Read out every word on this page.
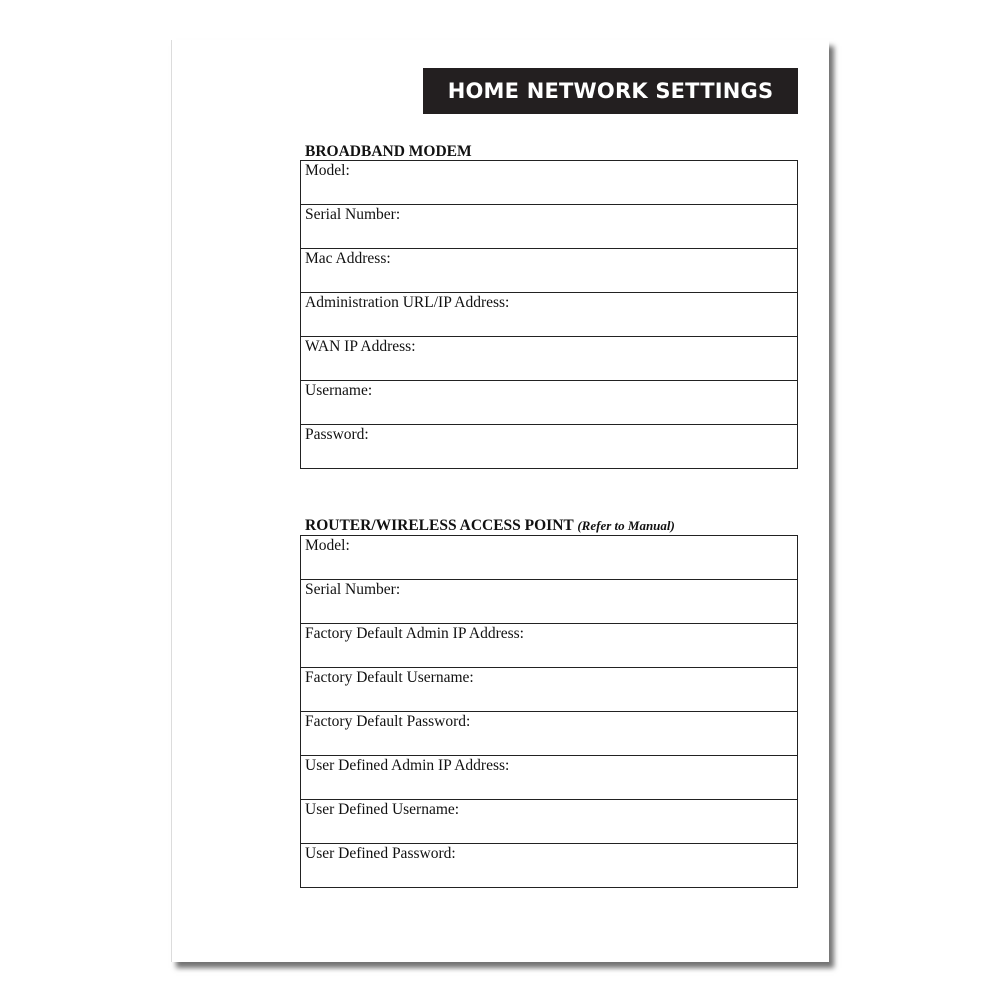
HOME NETWORK SETTINGS
BROADBAND MODEM
Model:
Serial Number:
Mac Address:
Administration URL/IP Address:
WAN IP Address:
Username:
Password:
ROUTER/WIRELESS ACCESS POINT (Refer to Manual)
Model:
Serial Number:
Factory Default Admin IP Address:
Factory Default Username:
Factory Default Password:
User Defined Admin IP Address:
User Defined Username:
User Defined Password:
